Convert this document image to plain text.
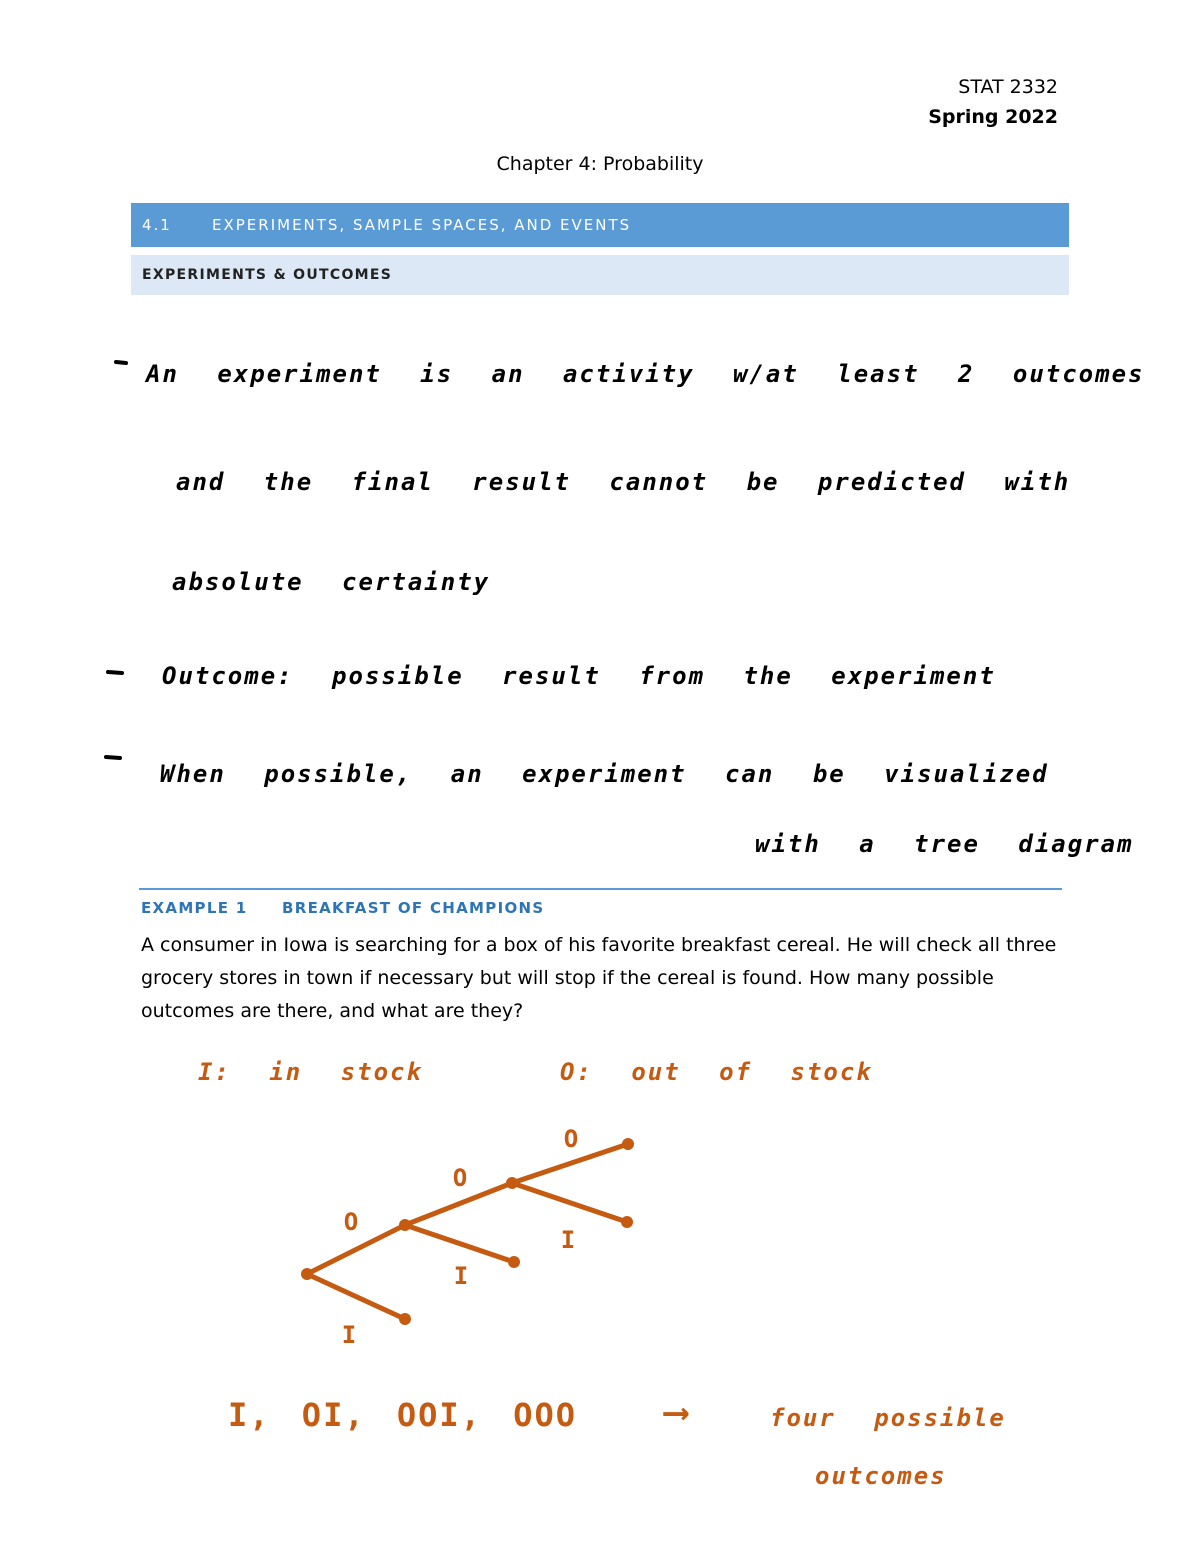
STAT 2332
Spring 2022
Chapter 4: Probability
4.1	EXPERIMENTS, SAMPLE SPACES, AND EVENTS
EXPERIMENTS & OUTCOMES
An experiment is an activity w/at least 2 outcomes
and the final result cannot be predicted with
absolute certainty
Outcome: possible result from the experiment
When possible, an experiment can be visualized
with a tree diagram
EXAMPLE 1 BREAKFAST OF CHAMPIONS
A consumer in Iowa is searching for a box of his favorite breakfast cereal. He will check all three grocery stores in town if necessary but will stop if the cereal is found. How many possible outcomes are there, and what are they?
I: in stock	O: out of stock
O
I
O
I
O
I
I, OI, OOI, OOO ⟶	four possible
outcomes
